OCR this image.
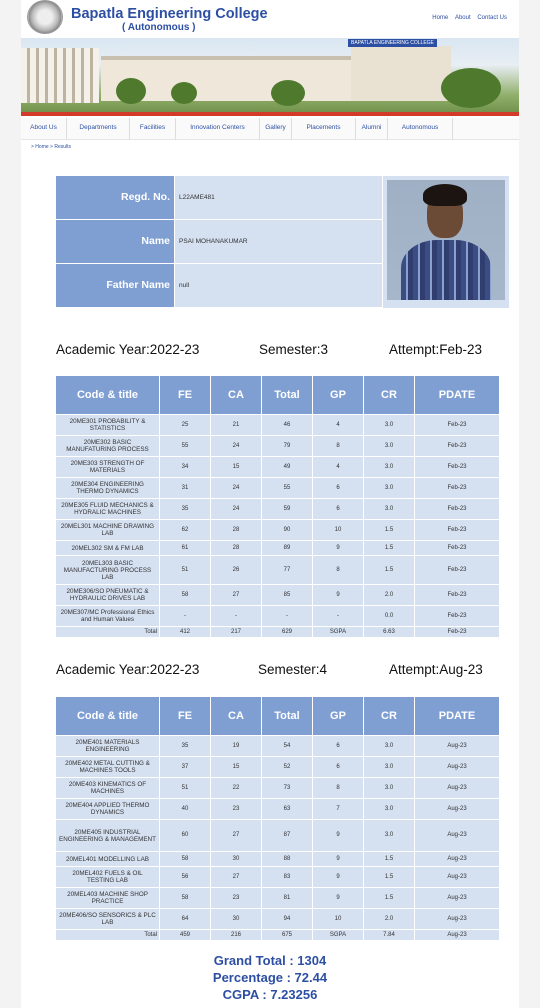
Bapatla Engineering College
( Autonomous )
Home About Contact Us
BAPATLA ENGINEERING COLLEGE
About Us	Departments	Facilities	Innovation Centers	Gallery	Placements	Alumni	Autonomous
> Home > Results
Regd. No.	L22AME481
Name	PSAI MOHANAKUMAR
Father Name	null
Academic Year:2022-23	Semester:3	Attempt:Feb-23
Code & title	FE	CA	Total	GP	CR	PDATE
20ME301 PROBABILITY & STATISTICS	25	21	46	4	3.0	Feb-23
20ME302 BASIC MANUFATURING PROCESS	55	24	79	8	3.0	Feb-23
20ME303 STRENGTH OF MATERIALS	34	15	49	4	3.0	Feb-23
20ME304 ENGINEERING THERMO DYNAMICS	31	24	55	6	3.0	Feb-23
20ME305 FLUID MECHANICS & HYDRALIC MACHINES	35	24	59	6	3.0	Feb-23
20MEL301 MACHINE DRAWING LAB	62	28	90	10	1.5	Feb-23
20MEL302 SM & FM LAB	61	28	89	9	1.5	Feb-23
20MEL303 BASIC MANUFACTURING PROCESS LAB	51	26	77	8	1.5	Feb-23
20ME306/SO PNEUMATIC & HYDRAULIC DRIVES LAB	58	27	85	9	2.0	Feb-23
20ME307/MC Professional Ethics and Human Values	-	-	-	-	0.0	Feb-23
Total	412	217	629	SGPA	6.63	Feb-23
Academic Year:2022-23	Semester:4	Attempt:Aug-23
Code & title	FE	CA	Total	GP	CR	PDATE
20ME401 MATERIALS ENGINEERING	35	19	54	6	3.0	Aug-23
20ME402 METAL CUTTING & MACHINES TOOLS	37	15	52	6	3.0	Aug-23
20ME403 KINEMATICS OF MACHINES	51	22	73	8	3.0	Aug-23
20ME404 APPLIED THERMO DYNAMICS	40	23	63	7	3.0	Aug-23
20ME405 INDUSTRIAL ENGINEERING & MANAGEMENT	60	27	87	9	3.0	Aug-23
20MEL401 MODELLING LAB	58	30	88	9	1.5	Aug-23
20MEL402 FUELS & OIL TESTING LAB	56	27	83	9	1.5	Aug-23
20MEL403 MACHINE SHOP PRACTICE	58	23	81	9	1.5	Aug-23
20ME406/SO SENSORICS & PLC LAB	64	30	94	10	2.0	Aug-23
Total	459	216	675	SGPA	7.84	Aug-23
Grand Total : 1304
Percentage : 72.44
CGPA : 7.23256
